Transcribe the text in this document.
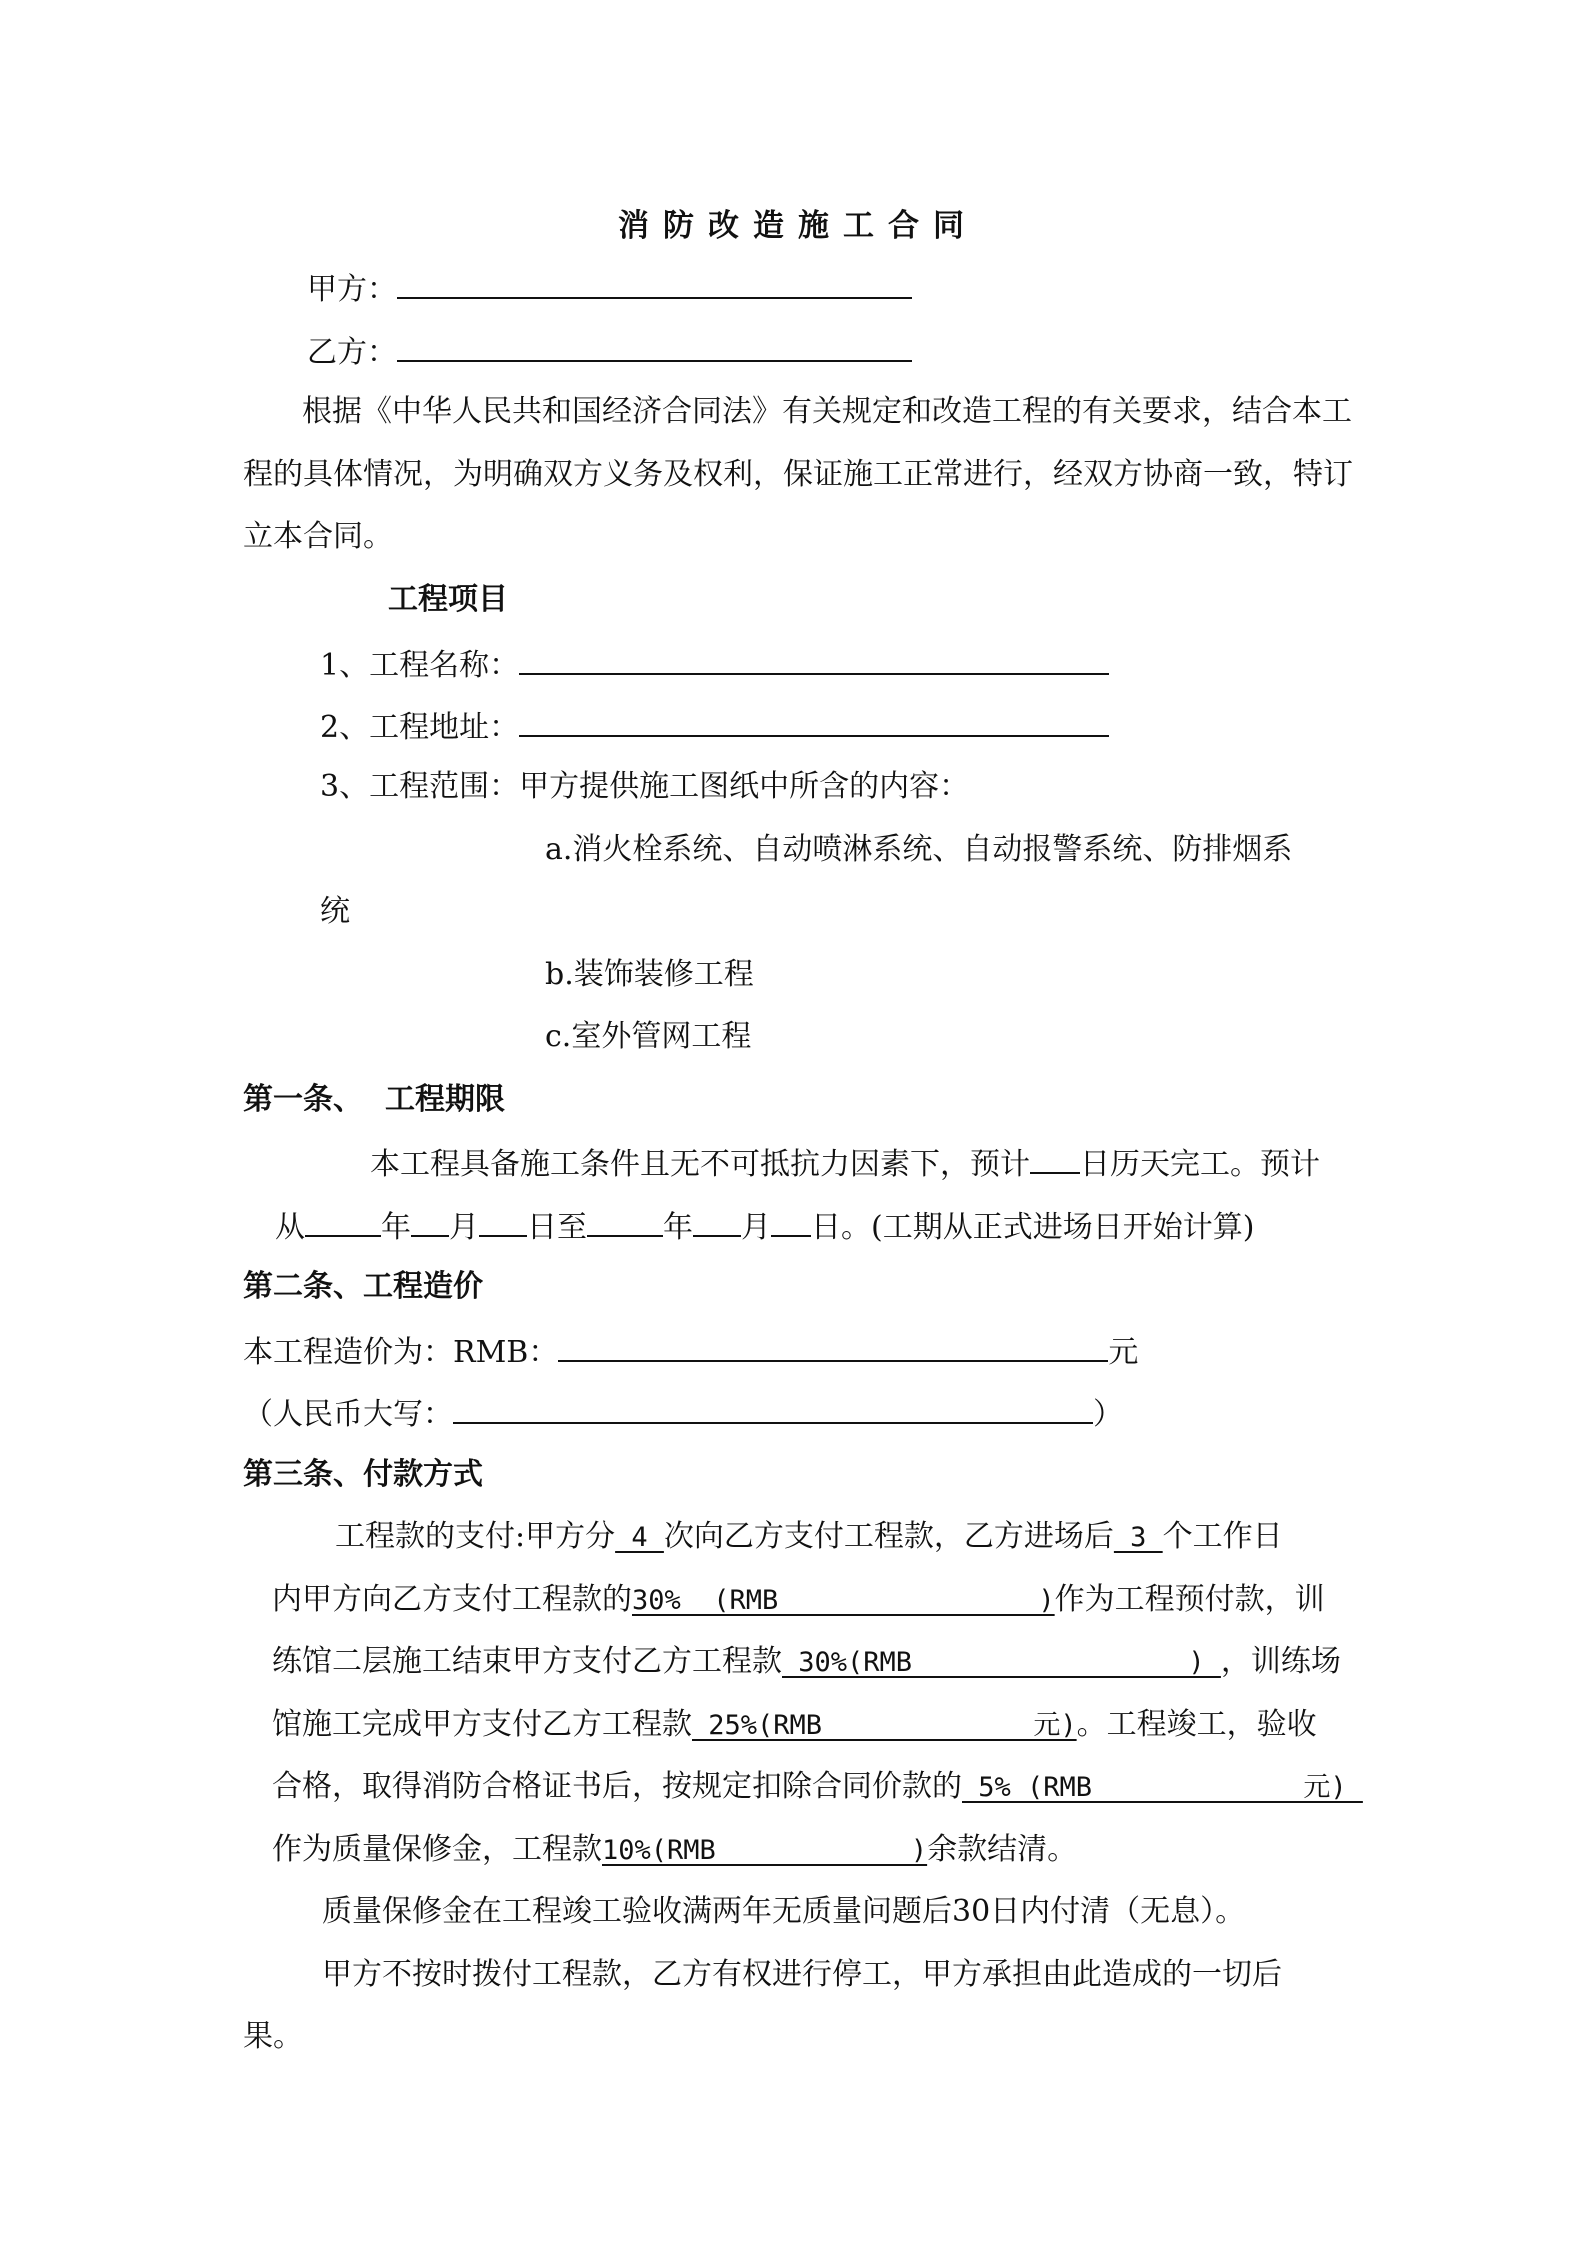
消防改造施工合同
甲方：
乙方：
根据《中华人民共和国经济合同法》有关规定和改造工程的有关要求，结合本工
程的具体情况，为明确双方义务及权利，保证施工正常进行，经双方协商一致，特订
立本合同。
工程项目
1、工程名称：
2、工程地址：
3、工程范围：甲方提供施工图纸中所含的内容：
a.消火栓系统、自动喷淋系统、自动报警系统、防排烟系
统
b.装饰装修工程
c.室外管网工程
第一条、 工程期限
本工程具备施工条件且无不可抵抗力因素下，预计 日历天完工。预计
从	年 月 日至	年 月 日。(工期从正式进场日开始计算)
第二条、工程造价
本工程造价为：RMB：	元
（人民币大写：	）
第三条、付款方式
工程款的支付:甲方分 4 次向乙方支付工程款，乙方进场后 3 个工作日
内甲方向乙方支付工程款的30%  (RMB                )作为工程预付款，训
练馆二层施工结束甲方支付乙方工程款 30%(RMB                 ) ，训练场
馆施工完成甲方支付乙方工程款 25%(RMB             元)。工程竣工，验收
合格，取得消防合格证书后，按规定扣除合同价款的 5% (RMB             元)
作为质量保修金，工程款10%(RMB            )余款结清。
质量保修金在工程竣工验收满两年无质量问题后30日内付清（无息）。
甲方不按时拨付工程款，乙方有权进行停工，甲方承担由此造成的一切后
果。
